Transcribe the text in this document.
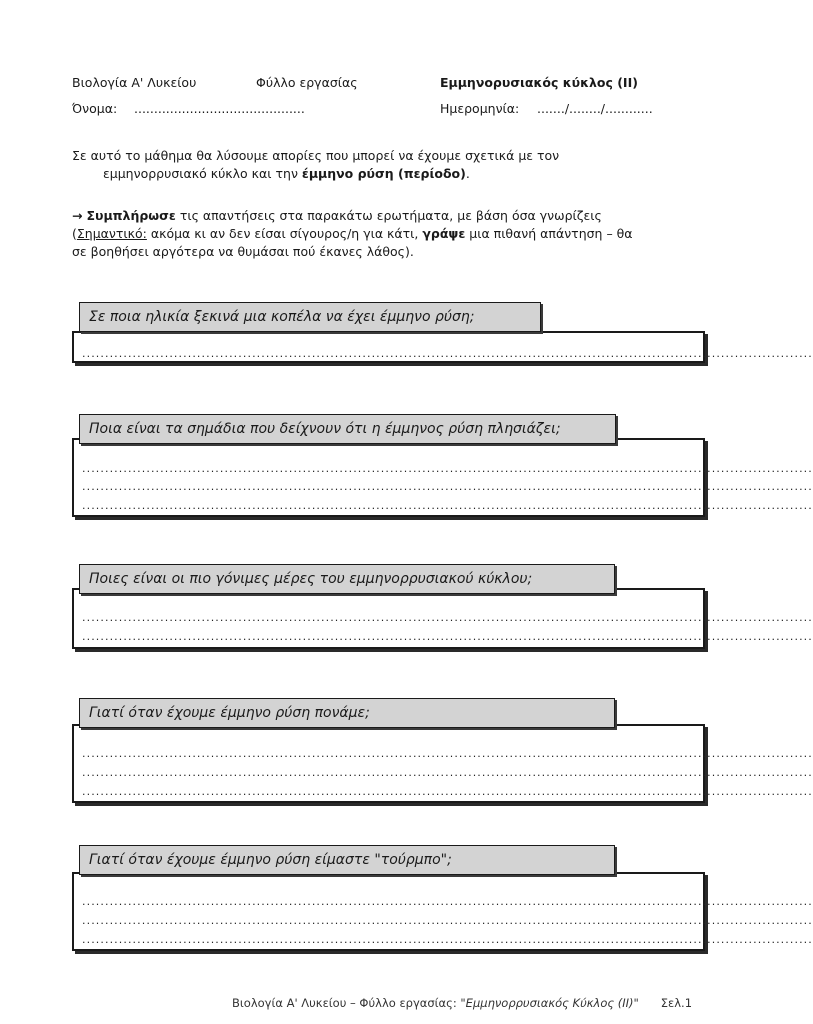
Βιολογία Α' Λυκείου	Φύλλο εργασίας	Εμμηνορυσιακός κύκλος (ΙΙ)
Όνομα: ...........................................	Ημερομηνία: ......./......../............
Σε αυτό το μάθημα θα λύσουμε απορίες που μπορεί να έχουμε σχετικά με τον
εμμηνορρυσιακό κύκλο και την έμμηνο ρύση (περίοδο).
→ Συμπλήρωσε τις απαντήσεις στα παρακάτω ερωτήματα, με βάση όσα γνωρίζεις
(Σημαντικό: ακόμα κι αν δεν είσαι σίγουρος/η για κάτι, γράψε μια πιθανή απάντηση – θα
σε βοηθήσει αργότερα να θυμάσαι πού έκανες λάθος).
Σε ποια ηλικία ξεκινά μια κοπέλα να έχει έμμηνο ρύση;
...............................................................................................................................................................
Ποια είναι τα σημάδια που δείχνουν ότι η έμμηνος ρύση πλησιάζει;
...............................................................................................................................................................
...............................................................................................................................................................
...............................................................................................................................................................
Ποιες είναι οι πιο γόνιμες μέρες του εμμηνορρυσιακού κύκλου;
...............................................................................................................................................................
...............................................................................................................................................................
Γιατί όταν έχουμε έμμηνο ρύση πονάμε;
...............................................................................................................................................................
...............................................................................................................................................................
...............................................................................................................................................................
Γιατί όταν έχουμε έμμηνο ρύση είμαστε "τούρμπο";
...............................................................................................................................................................
...............................................................................................................................................................
...............................................................................................................................................................
Βιολογία Α' Λυκείου – Φύλλο εργασίας: "Εμμηνορρυσιακός Κύκλος (ΙΙ)" Σελ.1
